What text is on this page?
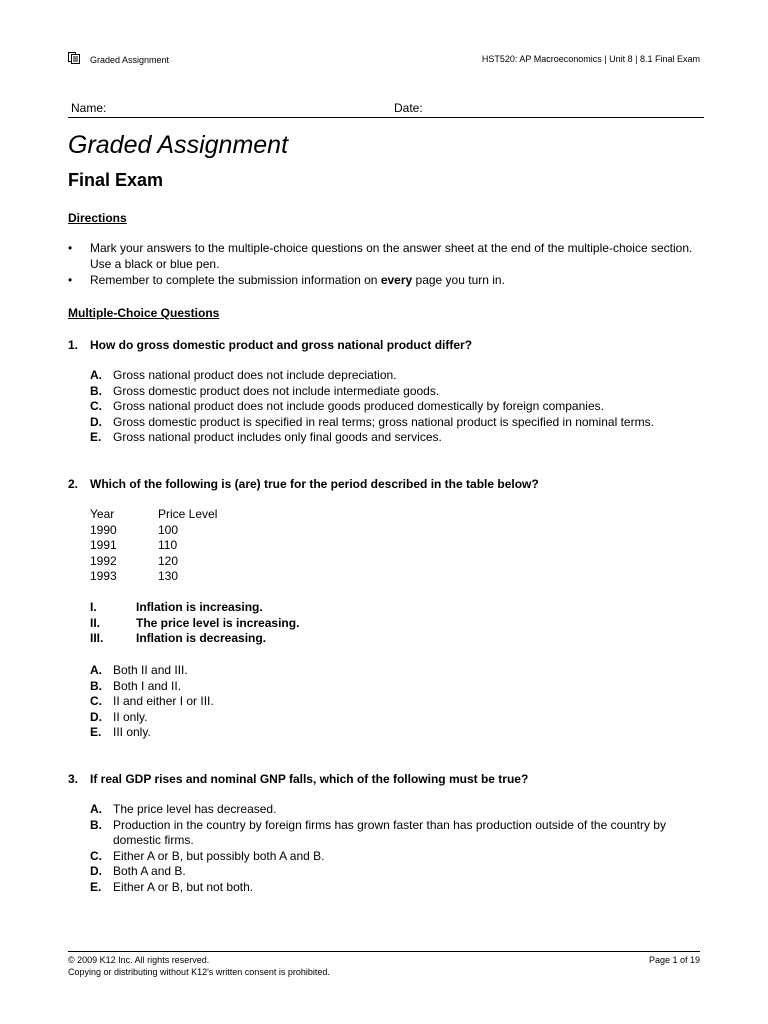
Graded Assignment	HST520: AP Macroeconomics | Unit 8 | 8.1 Final Exam
Name:	Date:
Graded Assignment
Final Exam
Directions
•	Mark your answers to the multiple-choice questions on the answer sheet at the end of the multiple-choice section. Use a black or blue pen.
•	Remember to complete the submission information on every page you turn in.
Multiple-Choice Questions
1. How do gross domestic product and gross national product differ?
A. Gross national product does not include depreciation.
B. Gross domestic product does not include intermediate goods.
C. Gross national product does not include goods produced domestically by foreign companies.
D. Gross domestic product is specified in real terms; gross national product is specified in nominal terms.
E. Gross national product includes only final goods and services.
2. Which of the following is (are) true for the period described in the table below?
Year	Price Level
1990	100
1991	110
1992	120
1993	130
I.	Inflation is increasing.
II.	The price level is increasing.
III.	Inflation is decreasing.
A. Both II and III.
B. Both I and II.
C. II and either I or III.
D. II only.
E. III only.
3. If real GDP rises and nominal GNP falls, which of the following must be true?
A. The price level has decreased.
B. Production in the country by foreign firms has grown faster than has production outside of the country by domestic firms.
C. Either A or B, but possibly both A and B.
D. Both A and B.
E. Either A or B, but not both.
© 2009 K12 Inc. All rights reserved.
Copying or distributing without K12's written consent is prohibited.
Page 1 of 19
